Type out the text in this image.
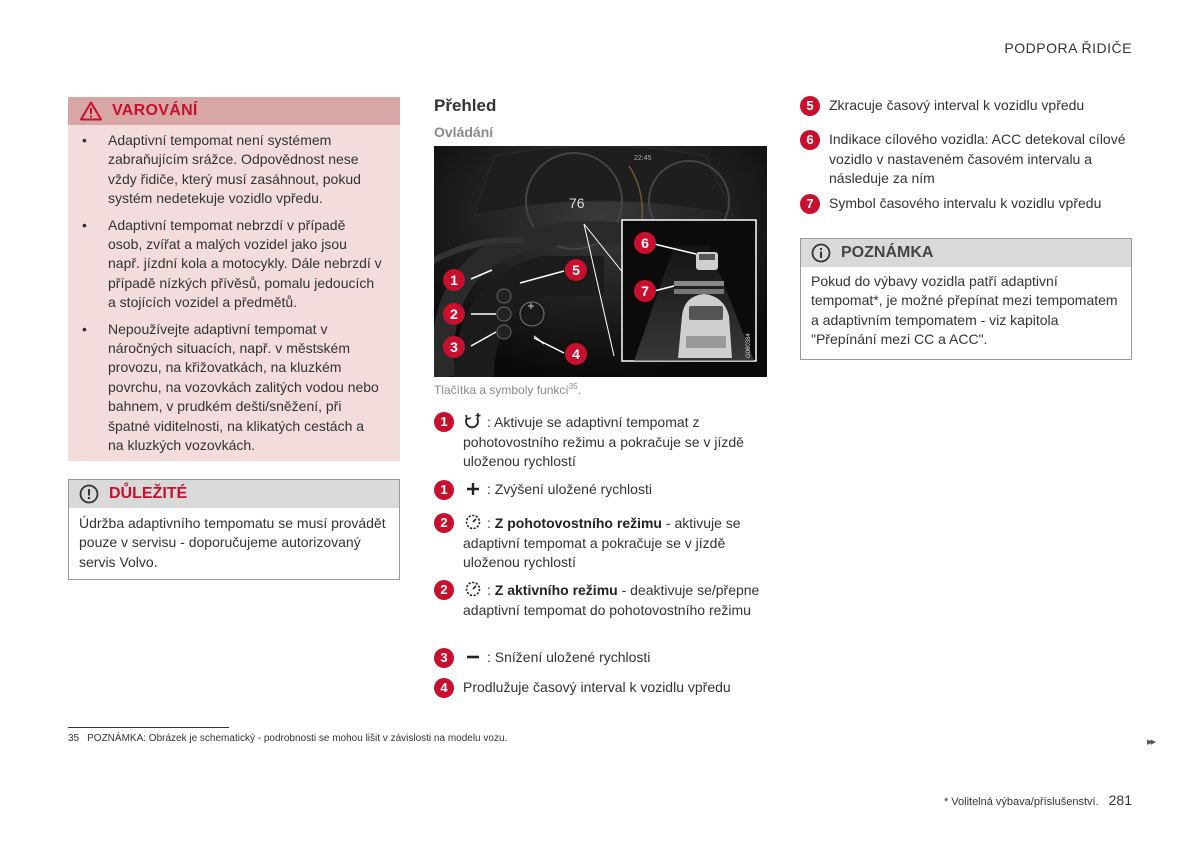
PODPORA ŘIDIČE
VAROVÁNÍ
• Adaptivní tempomat není systémem zabraňujícím srážce. Odpovědnost nese vždy řidiče, který musí zasáhnout, pokud systém nedetekuje vozidlo vpředu.
• Adaptivní tempomat nebrzdí v případě osob, zvířat a malých vozidel jako jsou např. jízdní kola a motocykly. Dále nebrzdí v případě nízkých přívěsů, pomalu jedoucích a stojících vozidel a předmětů.
• Nepoužívejte adaptivní tempomat v náročných situacích, např. v městském provozu, na křižovatkách, na kluzkém povrchu, na vozovkách zalitých vodou nebo bahnem, v prudkém dešti/sněžení, při špatné viditelnosti, na klikatých cestách a na kluzkých vozovkách.
DŮLEŽITÉ
Údržba adaptivního tempomatu se musí provádět pouze v servisu - doporučujeme autorizovaný servis Volvo.
Přehled
Ovládání
76
22:45
G060384
1
2
3	4
5
6
7
Tlačítka a symboly funkcí$^{35}$.
1	: Aktivuje se adaptivní tempomat z pohotovostního režimu a pokračuje se v jízdě uloženou rychlostí
1	: Zvýšení uložené rychlosti
2	: Z pohotovostního režimu - aktivuje se adaptivní tempomat a pokračuje se v jízdě uloženou rychlostí
2	: Z aktivního režimu - deaktivuje se/přepne adaptivní tempomat do pohotovostního režimu
3	: Snížení uložené rychlosti
4	Prodlužuje časový interval k vozidlu vpředu
5	Zkracuje časový interval k vozidlu vpředu
6	Indikace cílového vozidla: ACC detekoval cílové vozidlo v nastaveném časovém intervalu a následuje za ním
7	Symbol časového intervalu k vozidlu vpředu
POZNÁMKA
Pokud do výbavy vozidla patří adaptivní tempomat*, je možné přepínat mezi tempomatem a adaptivním tempomatem - viz kapitola "Přepínání mezi CC a ACC".
35 POZNÁMKA: Obrázek je schematický - podrobnosti se mohou lišit v závislosti na modelu vozu.	▸▸
* Volitelná výbava/příslušenství. 281
